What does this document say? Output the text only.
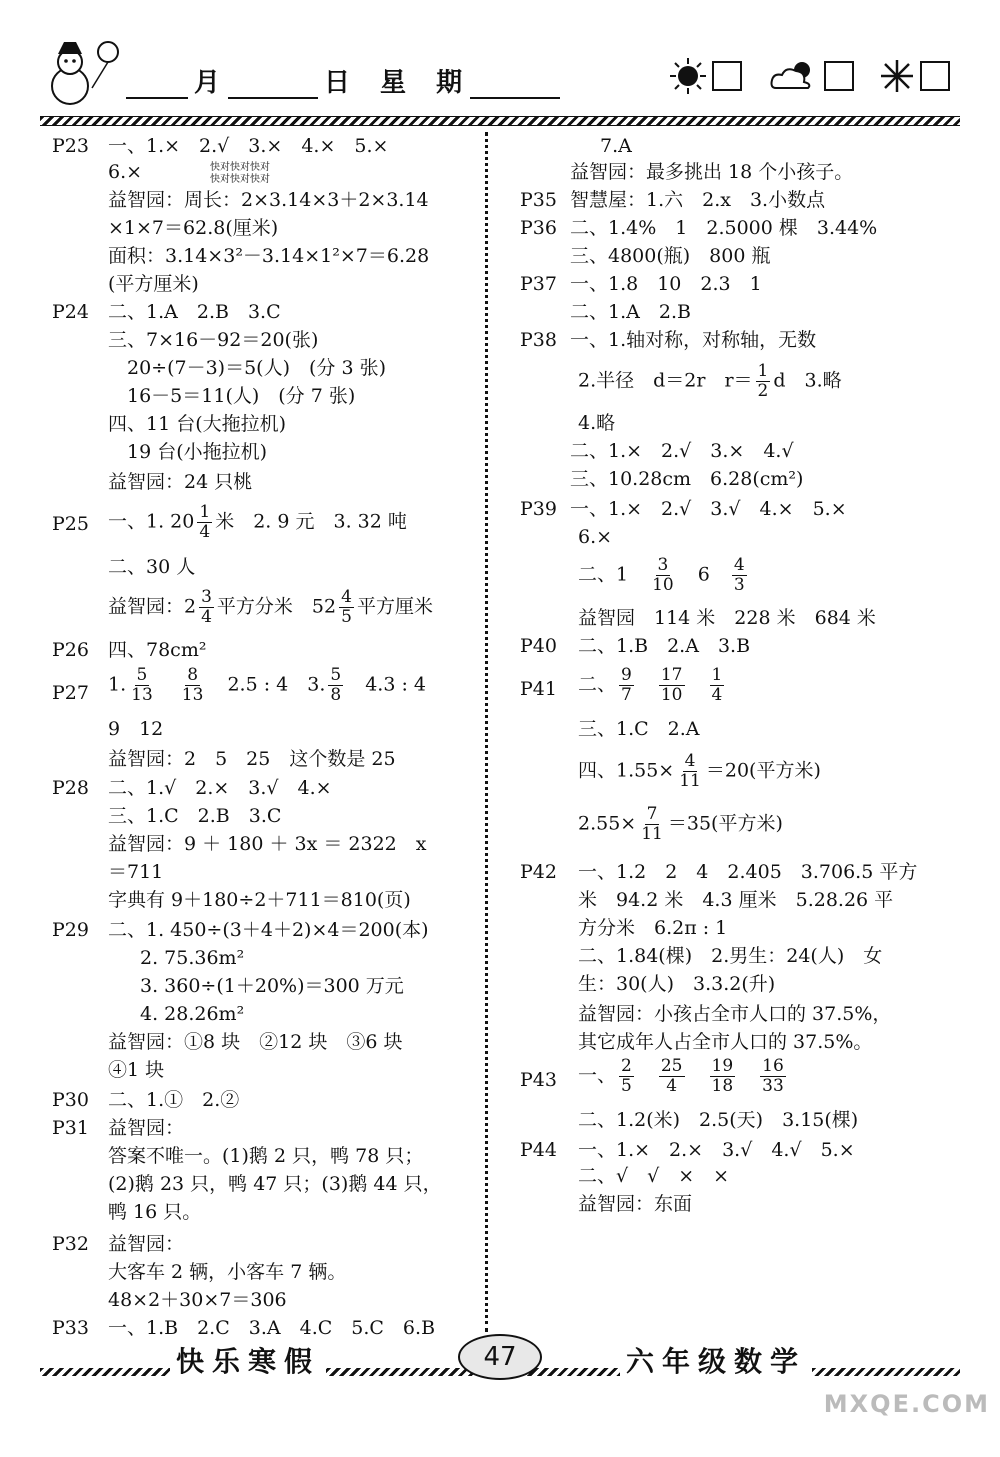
月	日　 星　 期
快对快对快对
快对快对快对
P23 一、1.×　2.√　3.×　4.×　5.×
6.×
益智园：周长：2×3.14×3＋2×3.14
×1×7＝62.8(厘米)
面积：3.14×3²－3.14×1²×7＝6.28
(平方厘米)
P24 二、1.A　2.B　3.C
三、7×16－92＝20(张)
　20÷(7－3)＝5(人)　(分 3 张)
　16－5＝11(人)　(分 7 张)
四、11 台(大拖拉机)
　19 台(小拖拉机)
益智园：24 只桃
P25 一、1. $20 \frac{1}{4}$ 米　2. 9 元　3. 32 吨
二、30 人
益智园：$2 \frac{3}{4}$ 平方分米　$52 \frac{4}{5}$ 平方厘米
P26 四、78cm²
P27 1. $\frac{5}{13}$
　 $\frac{8}{13}$
　 2.5 : 4　3. $\frac{5}{8}$
　 4.3 : 4
9　12
益智园：2　5　25　这个数是 25
P28 二、1.√　2.×　3.√　4.×
三、1.C　2.B　3.C
益智园：9 ＋ 180 ＋ 3x ＝ 2322　x
＝711
字典有 9＋180÷2＋711＝810(页)
P29 二、1. 450÷(3＋4＋2)×4＝200(本)
2. 75.36m²
3. 360÷(1＋20%)＝300 万元
4. 28.26m²
益智园：①8 块　②12 块　③6 块
④1 块
P30 二、1.①　2.②
P31 益智园：
答案不唯一。(1)鹅 2 只，鸭 78 只；
(2)鹅 23 只，鸭 47 只；(3)鹅 44 只，
鸭 16 只。
P32 益智园：
大客车 2 辆，小客车 7 辆。
48×2＋30×7＝306
P33 一、1.B　2.C　3.A　4.C　5.C　6.B
7.A
益智园：最多挑出 18 个小孩子。
P35 智慧屋：1.六　2.x　3.小数点
P36 二、1.4%　1　2.5000 棵　3.44%
三、4800(瓶)　800 瓶
P37 一、1.8　10　2.3　1
二、1.A　2.B
P38 一、1.轴对称，对称轴，无数
2.半径　d＝2r　$r= \frac{1}{2}$ d　3.略
4.略
二、1.×　2.√　3.×　4.√
三、10.28cm　6.28(cm²)
P39 一、1.×　2.√　3.√　4.×　5.×
6.×
二、1　 $\frac{3}{10}$
　 6　 $\frac{4}{3}$
益智园　114 米　228 米　684 米
P40 二、1.B　2.A　3.B
P41 二、 $\frac{9}{7}$
　 $\frac{17}{10}$
　 $\frac{1}{4}$
三、1.C　2.A
四、$1.55\times \frac{4}{11} =20$(平方米)
$2.55\times \frac{7}{11} =35$(平方米)
P42 一、1.2　2　4　2.405　3.706.5 平方
米　94.2 米　4.3 厘米　5.28.26 平
方分米　6.2π : 1
二、1.84(棵)　2.男生：24(人)　女
生：30(人)　3.3.2(升)
益智园：小孩占全市人口的 37.5%，
其它成年人占全市人口的 37.5%。
P43 一、 $\frac{2}{5}$
　 $\frac{25}{4}$
　 $\frac{19}{18}$
　 $\frac{16}{33}$
二、1.2(米)　2.5(天)　3.15(棵)
P44 一、1.×　2.×　3.√　4.√　5.×
二、√　√　×　×
益智园：东面
快乐寒假	47	六年级数学
MXQE.COM
